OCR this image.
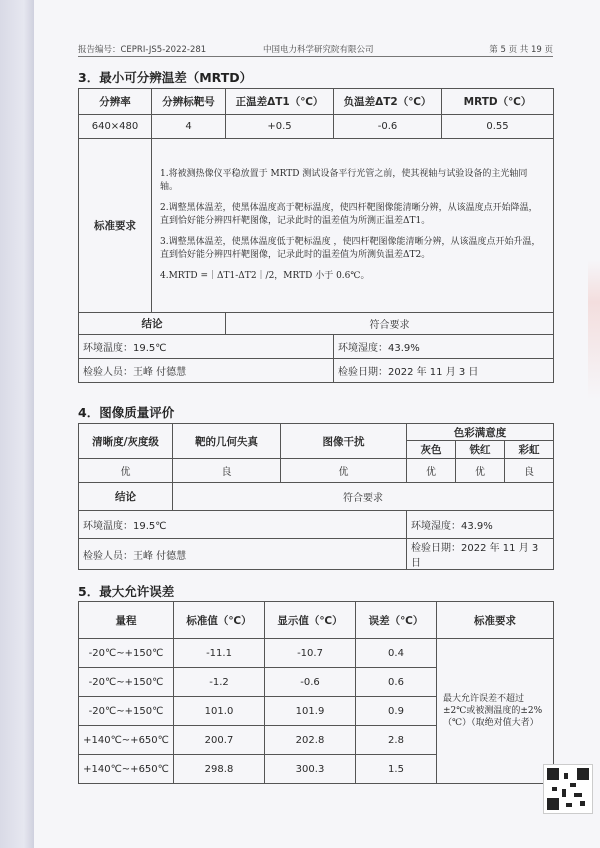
报告编号：CEPRI-JS5-2022-281	中国电力科学研究院有限公司	第 5 页 共 19 页
3．最小可分辨温差（MRTD）
分辨率	分辨标靶号	正温差ΔT1（℃）	负温差ΔT2（℃）	MRTD（℃）
640×480	4	+0.5	-0.6	0.55
标准要求	1.将被测热像仪平稳放置于 MRTD 测试设备平行光管之前，使其视轴与试验设备的主光轴同轴。

2.调整黑体温差，使黑体温度高于靶标温度，使四杆靶图像能清晰分辨，从该温度点开始降温，直到恰好能分辨四杆靶图像，记录此时的温差值为所测正温差ΔT1。

3.调整黑体温差，使黑体温度低于靶标温度 ，使四杆靶图像能清晰分辨，从该温度点开始升温，直到恰好能分辨四杆靶图像，记录此时的温差值为所测负温差ΔT2。

4.MRTD =｜ΔT1-ΔT2｜/2，MRTD 小于 0.6℃。			

结论		符合要求		
环境温度：19.5℃			环境湿度：43.9%	
检验人员：王峰 付德慧			检验日期：2022 年 11 月 3 日	
4．图像质量评价
清晰度/灰度级	靶的几何失真	图像干扰	色彩满意度		
			灰色	铁红	彩虹
优	良	优	优	优	良
结论	符合要求				
环境温度：19.5℃			环境湿度：43.9%		
检验人员：王峰 付德慧			检验日期：2022 年 11 月 3 日		
5．最大允许误差
量程	标准值（℃）	显示值（℃）	误差（℃）	标准要求
-20℃~+150℃	-11.1	-10.7	0.4	最大允许误差不超过±2℃或被测温度的±2%（℃）（取绝对值大者）
-20℃~+150℃	-1.2	-0.6	0.6	
-20℃~+150℃	101.0	101.9	0.9	
+140℃~+650℃	200.7	202.8	2.8	
+140℃~+650℃	298.8	300.3	1.5	
